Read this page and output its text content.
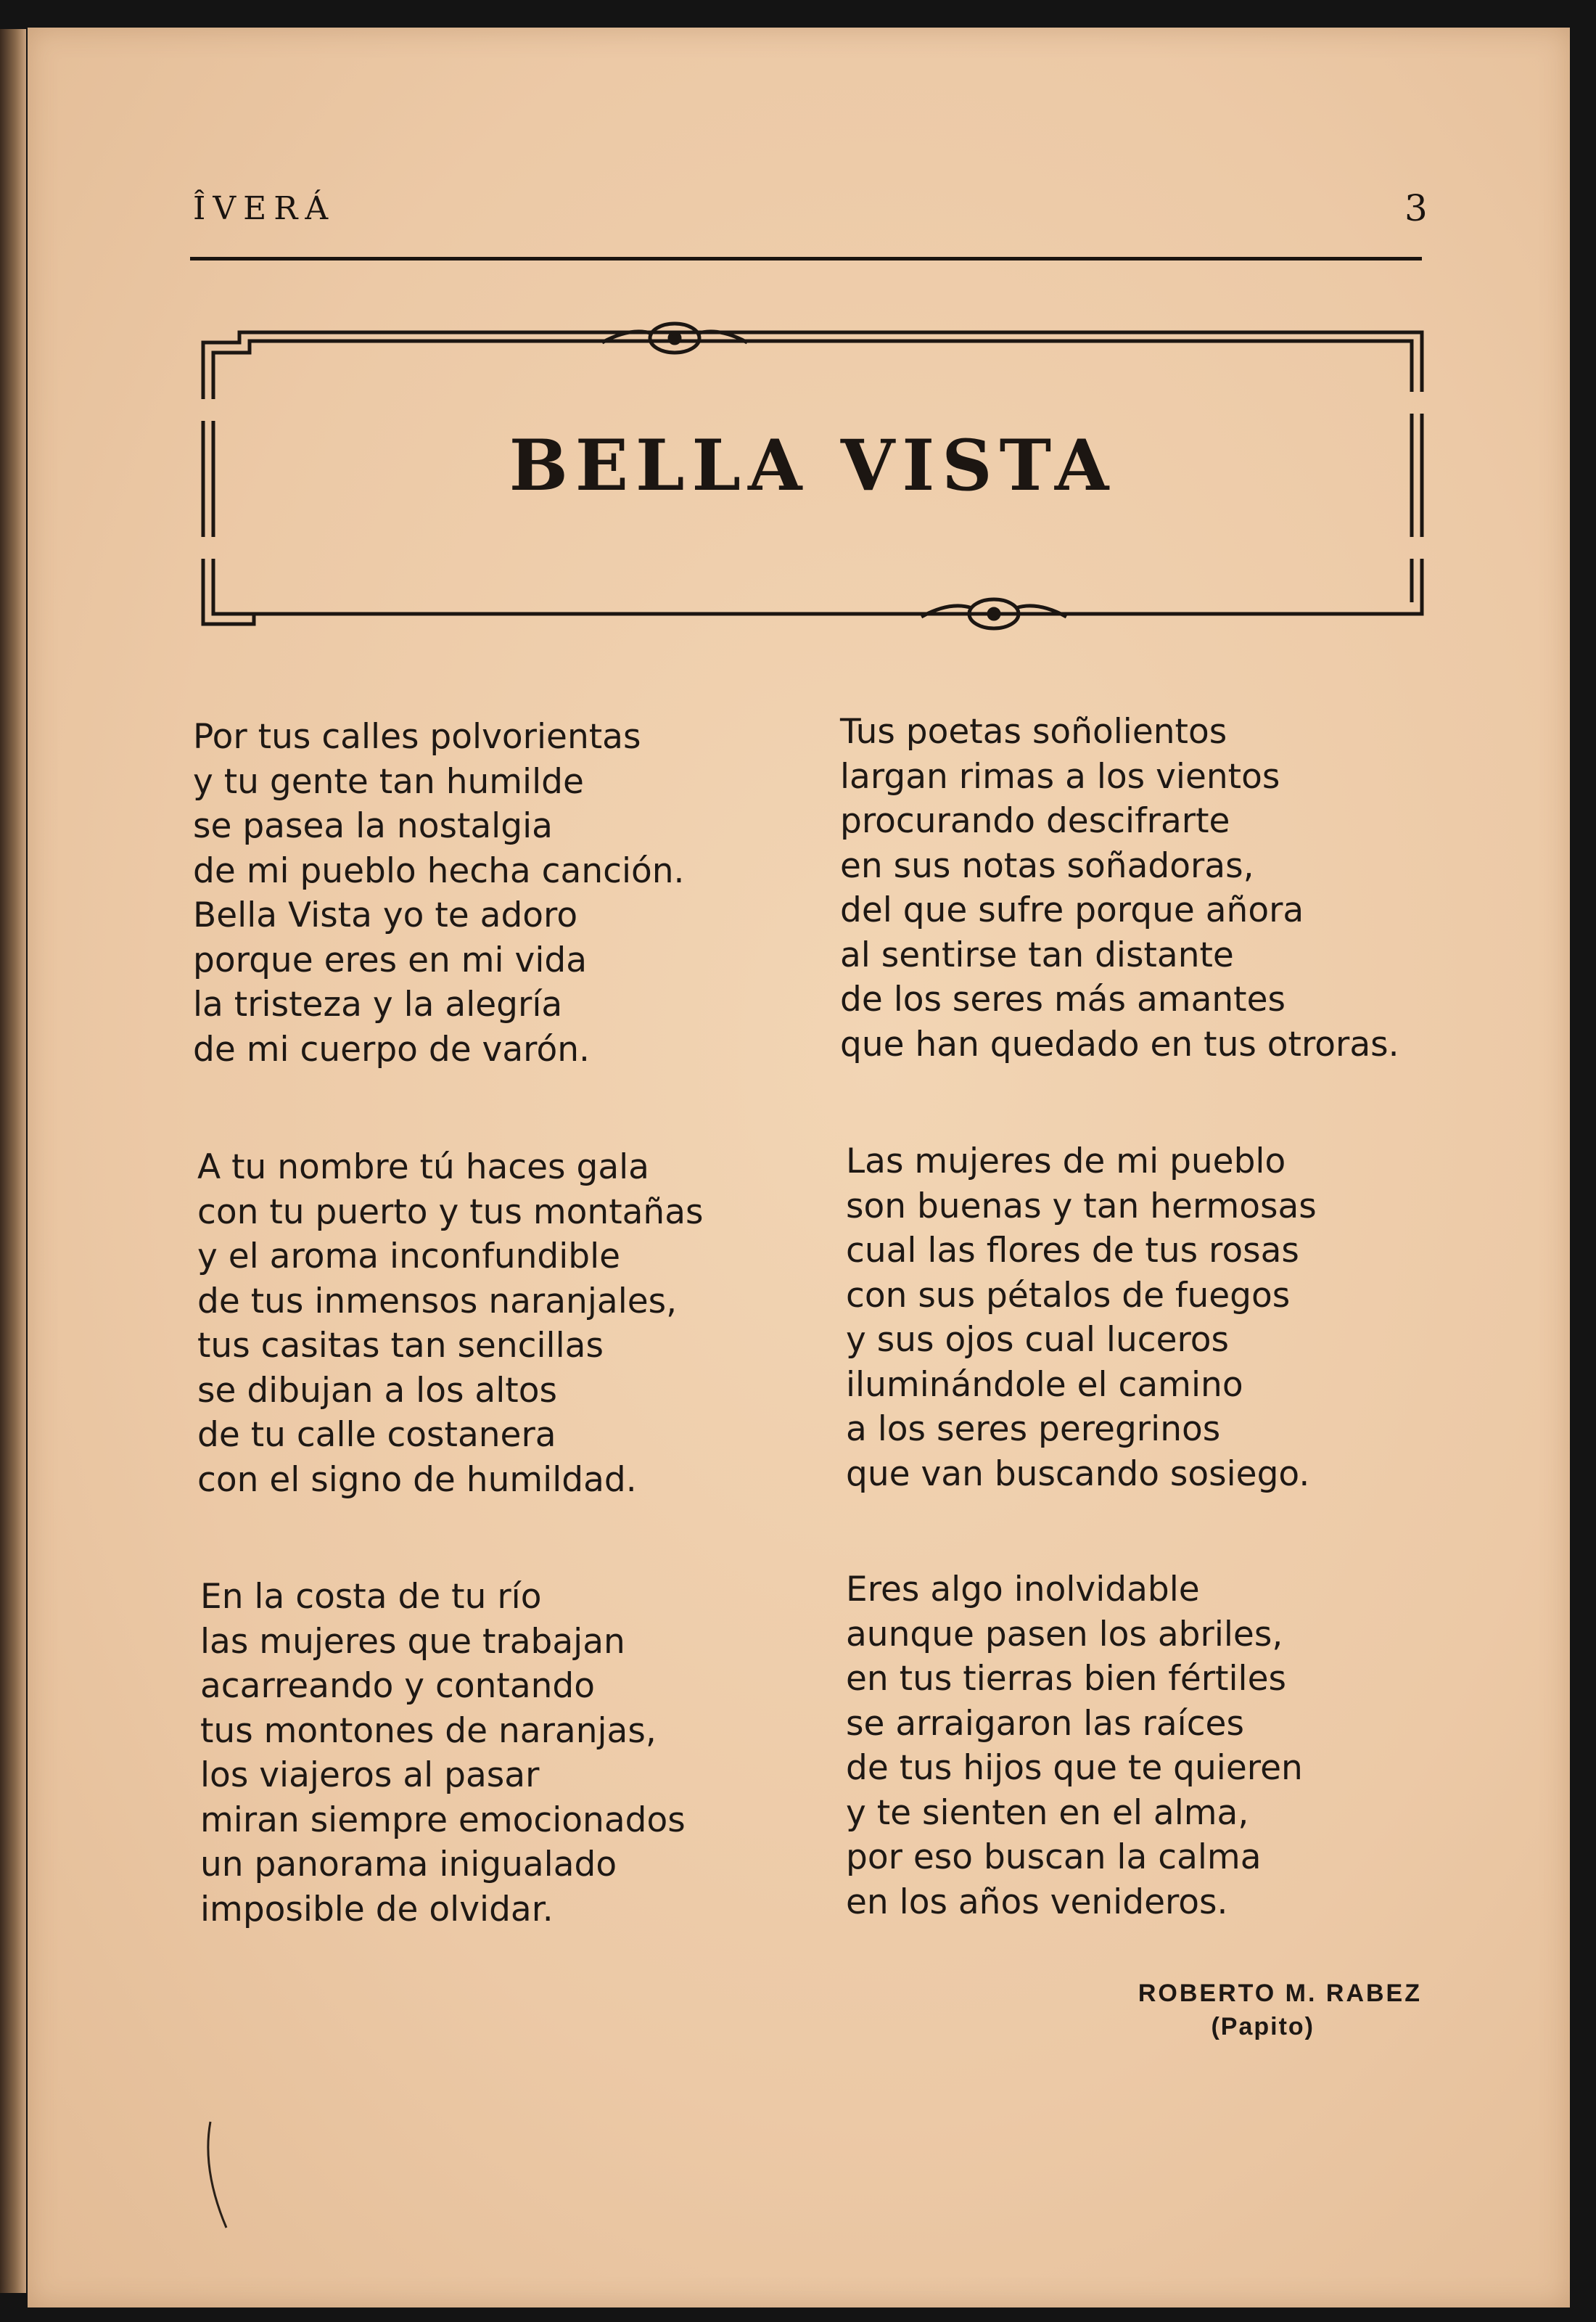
ÎVERÁ	3
BELLA VISTA
Por tus calles polvorientas
y tu gente tan humilde
se pasea la nostalgia
de mi pueblo hecha canción.
Bella Vista yo te adoro
porque eres en mi vida
la tristeza y la alegría
de mi cuerpo de varón.
A tu nombre tú haces gala
con tu puerto y tus montañas
y el aroma inconfundible
de tus inmensos naranjales,
tus casitas tan sencillas
se dibujan a los altos
de tu calle costanera
con el signo de humildad.
En la costa de tu río
las mujeres que trabajan
acarreando y contando
tus montones de naranjas,
los viajeros al pasar
miran siempre emocionados
un panorama inigualado
imposible de olvidar.
Tus poetas soñolientos
largan rimas a los vientos
procurando descifrarte
en sus notas soñadoras,
del que sufre porque añora
al sentirse tan distante
de los seres más amantes
que han quedado en tus otroras.
Las mujeres de mi pueblo
son buenas y tan hermosas
cual las flores de tus rosas
con sus pétalos de fuegos
y sus ojos cual luceros
iluminándole el camino
a los seres peregrinos
que van buscando sosiego.
Eres algo inolvidable
aunque pasen los abriles,
en tus tierras bien fértiles
se arraigaron las raíces
de tus hijos que te quieren
y te sienten en el alma,
por eso buscan la calma
en los años venideros.
ROBERTO M. RABEZ
(Papito)
